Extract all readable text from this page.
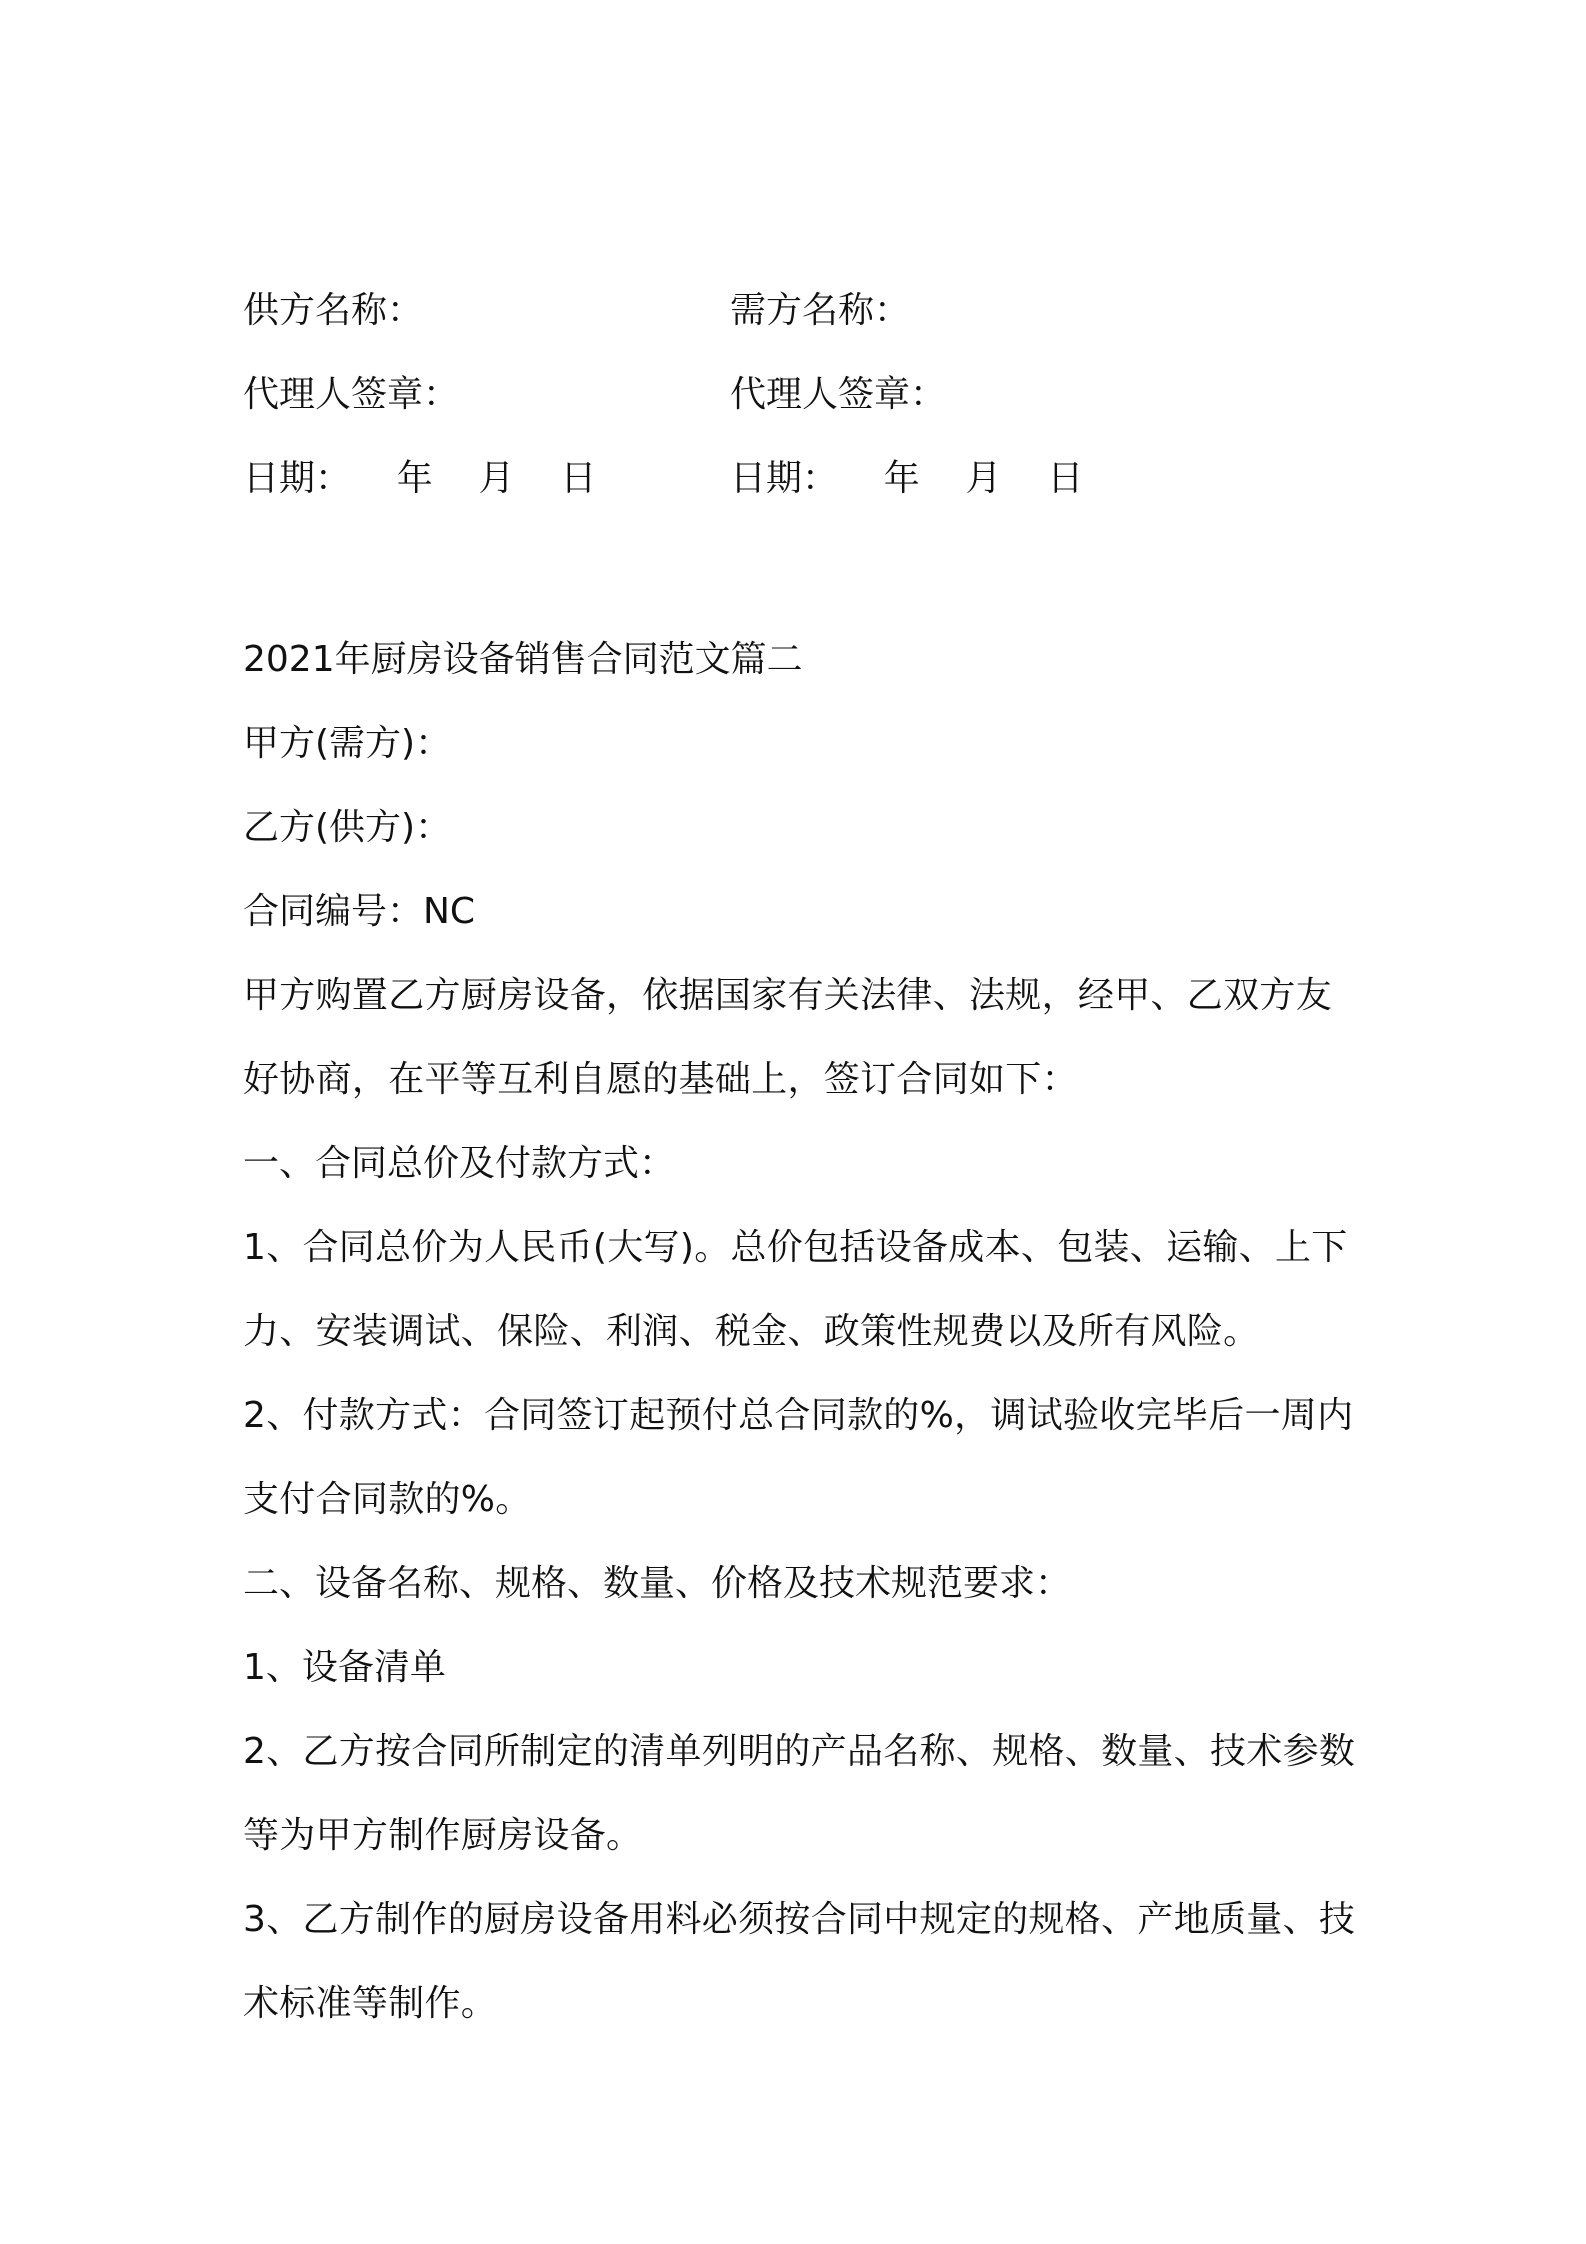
供方名称：	需方名称：
代理人签章：	代理人签章：
日期：    年    月    日	日期：    年    月    日

2021年厨房设备销售合同范文篇二

甲方(需方)：

乙方(供方)：

合同编号：NC

甲方购置乙方厨房设备，依据国家有关法律、法规，经甲、乙双方友好协商，在平等互利自愿的基础上，签订合同如下：

一、合同总价及付款方式：

1、合同总价为人民币(大写)。总价包括设备成本、包装、运输、上下力、安装调试、保险、利润、税金、政策性规费以及所有风险。

2、付款方式：合同签订起预付总合同款的%，调试验收完毕后一周内支付合同款的%。

二、设备名称、规格、数量、价格及技术规范要求：

1、设备清单

2、乙方按合同所制定的清单列明的产品名称、规格、数量、技术参数等为甲方制作厨房设备。

3、乙方制作的厨房设备用料必须按合同中规定的规格、产地质量、技术标准等制作。
